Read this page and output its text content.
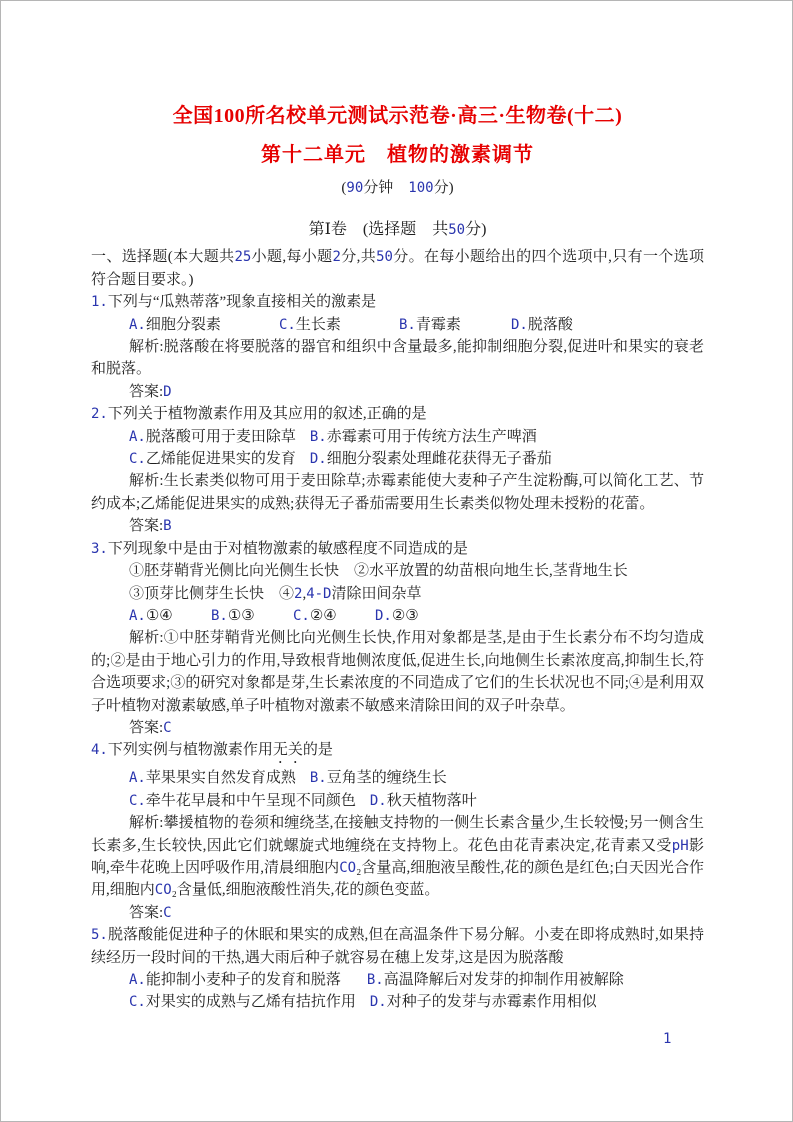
全国100所名校单元测试示范卷·高三·生物卷(十二)
第十二单元　植物的激素调节
(90分钟　100分)
第Ⅰ卷　(选择题　共50分)

一、选择题(本大题共25小题,每小题2分,共50分。在每小题给出的四个选项中,只有一个选项符合题目要求。)

1.下列与“瓜熟蒂落”现象直接相关的激素是

A.细胞分裂素	C.生长素	B.青霉素	D.脱落酸

解析:脱落酸在将要脱落的器官和组织中含量最多,能抑制细胞分裂,促进叶和果实的衰老和脱落。

答案:D

2.下列关于植物激素作用及其应用的叙述,正确的是

A.脱落酸可用于麦田除草 B.赤霉素可用于传统方法生产啤酒

C.乙烯能促进果实的发育 D.细胞分裂素处理雌花获得无子番茄

解析:生长素类似物可用于麦田除草;赤霉素能使大麦种子产生淀粉酶,可以简化工艺、节约成本;乙烯能促进果实的成熟;获得无子番茄需要用生长素类似物处理未授粉的花蕾。

答案:B

3.下列现象中是由于对植物激素的敏感程度不同造成的是

①胚芽鞘背光侧比向光侧生长快　②水平放置的幼苗根向地生长,茎背地生长

③顶芽比侧芽生长快　④2,4-D清除田间杂草

A.①④	B.①③	C.②④	D.②③

解析:①中胚芽鞘背光侧比向光侧生长快,作用对象都是茎,是由于生长素分布不均匀造成的;②是由于地心引力的作用,导致根背地侧浓度低,促进生长,向地侧生长素浓度高,抑制生长,符合选项要求;③的研究对象都是芽,生长素浓度的不同造成了它们的生长状况也不同;④是利用双子叶植物对激素敏感,单子叶植物对激素不敏感来清除田间的双子叶杂草。

答案:C

4.下列实例与植物激素作用无关的是

A.苹果果实自然发育成熟 B.豆角茎的缠绕生长

C.牵牛花早晨和中午呈现不同颜色 D.秋天植物落叶

解析:攀援植物的卷须和缠绕茎,在接触支持物的一侧生长素含量少,生长较慢;另一侧含生长素多,生长较快,因此它们就螺旋式地缠绕在支持物上。花色由花青素决定,花青素又受pH影响,牵牛花晚上因呼吸作用,清晨细胞内CO₂含量高,细胞液呈酸性,花的颜色是红色;白天因光合作用,细胞内CO₂含量低,细胞液酸性消失,花的颜色变蓝。

答案:C

5.脱落酸能促进种子的休眠和果实的成熟,但在高温条件下易分解。小麦在即将成熟时,如果持续经历一段时间的干热,遇大雨后种子就容易在穗上发芽,这是因为脱落酸

A.能抑制小麦种子的发育和脱落 B.高温降解后对发芽的抑制作用被解除

C.对果实的成熟与乙烯有拮抗作用 D.对种子的发芽与赤霉素作用相似

1
